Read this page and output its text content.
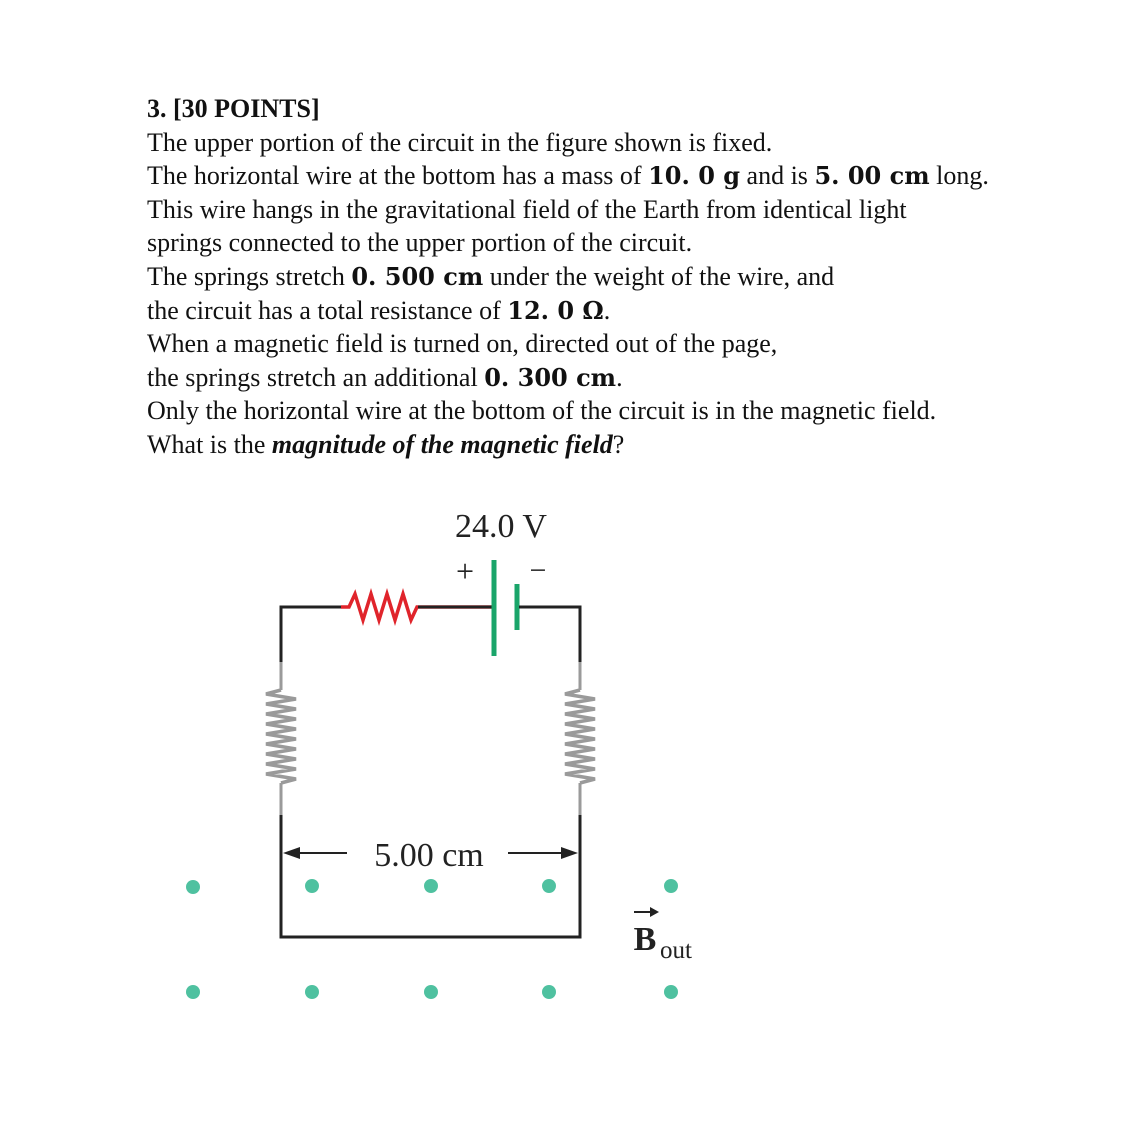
3. [30 POINTS]
The upper portion of the circuit in the figure shown is fixed.
The horizontal wire at the bottom has a mass of 10. 0 g and is 5. 00 cm long.
This wire hangs in the gravitational field of the Earth from identical light
springs connected to the upper portion of the circuit.
The springs stretch 0. 500 cm under the weight of the wire, and
the circuit has a total resistance of 12. 0 Ω.
When a magnetic field is turned on, directed out of the page,
the springs stretch an additional 0. 300 cm.
Only the horizontal wire at the bottom of the circuit is in the magnetic field.
What is the magnitude of the magnetic field?
24.0 V
+ −
5.00 cm
B out
